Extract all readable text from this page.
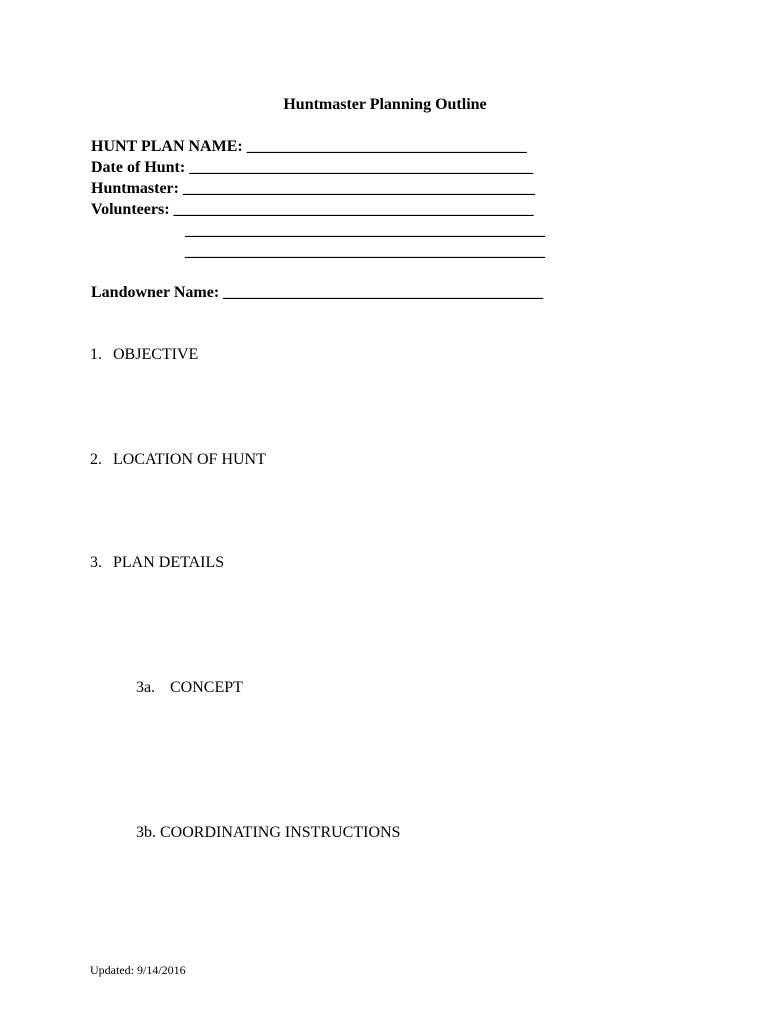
Huntmaster Planning Outline
HUNT PLAN NAME: ___________________________________
Date of Hunt: ___________________________________________
Huntmaster: ____________________________________________
Volunteers: _____________________________________________
_____________________________________________
_____________________________________________
Landowner Name: ________________________________________
1. OBJECTIVE
2. LOCATION OF HUNT
3. PLAN DETAILS
3a. CONCEPT
3b. COORDINATING INSTRUCTIONS
Updated: 9/14/2016
